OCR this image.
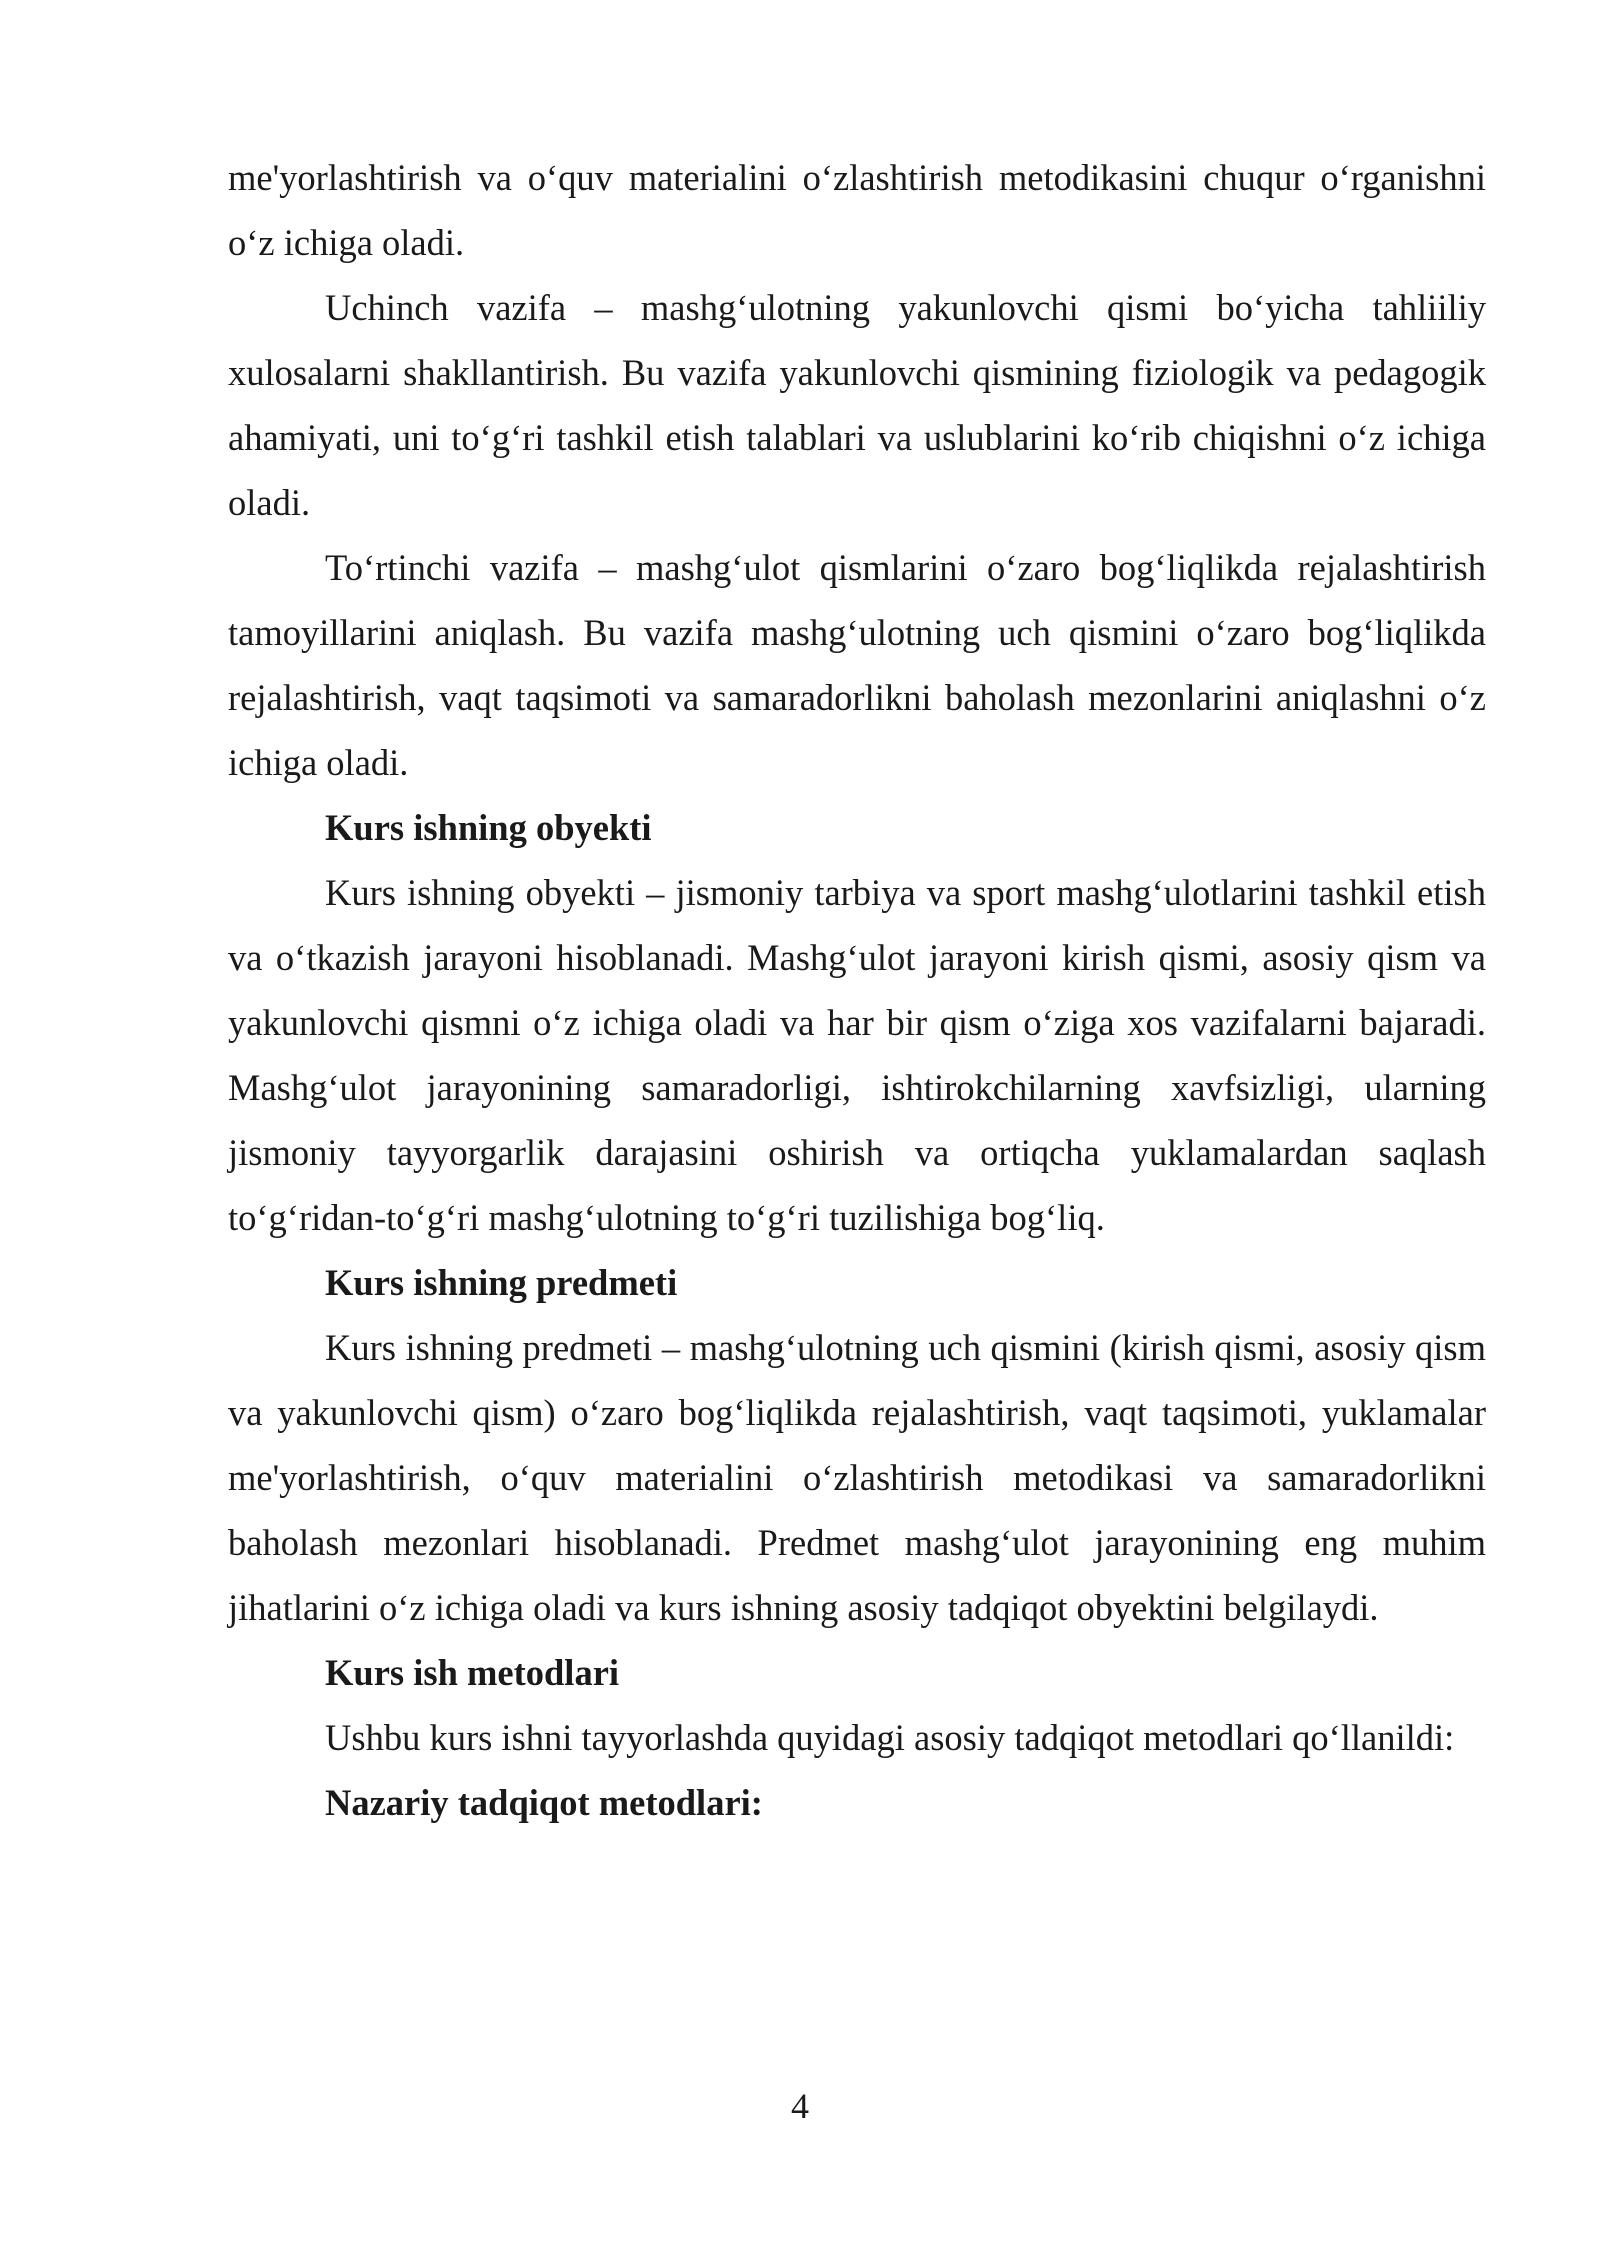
me'yorlashtirish va o‘quv materialini o‘zlashtirish metodikasini chuqur o‘rganishni o‘z ichiga oladi.

Uchinch vazifa – mashg‘ulotning yakunlovchi qismi bo‘yicha tahliiliy xulosalarni shakllantirish. Bu vazifa yakunlovchi qismining fiziologik va pedagogik ahamiyati, uni to‘g‘ri tashkil etish talablari va uslublarini ko‘rib chiqishni o‘z ichiga oladi.

To‘rtinchi vazifa – mashg‘ulot qismlarini o‘zaro bog‘liqlikda rejalashtirish tamoyillarini aniqlash. Bu vazifa mashg‘ulotning uch qismini o‘zaro bog‘liqlikda rejalashtirish, vaqt taqsimoti va samaradorlikni baholash mezonlarini aniqlashni o‘z ichiga oladi.

Kurs ishning obyekti

Kurs ishning obyekti – jismoniy tarbiya va sport mashg‘ulotlarini tashkil etish va o‘tkazish jarayoni hisoblanadi. Mashg‘ulot jarayoni kirish qismi, asosiy qism va yakunlovchi qismni o‘z ichiga oladi va har bir qism o‘ziga xos vazifalarni bajaradi. Mashg‘ulot jarayonining samaradorligi, ishtirokchilarning xavfsizligi, ularning jismoniy tayyorgarlik darajasini oshirish va ortiqcha yuklamalardan saqlash to‘g‘ridan-to‘g‘ri mashg‘ulotning to‘g‘ri tuzilishiga bog‘liq.

Kurs ishning predmeti

Kurs ishning predmeti – mashg‘ulotning uch qismini (kirish qismi, asosiy qism va yakunlovchi qism) o‘zaro bog‘liqlikda rejalashtirish, vaqt taqsimoti, yuklamalar me'yorlashtirish, o‘quv materialini o‘zlashtirish metodikasi va samaradorlikni baholash mezonlari hisoblanadi. Predmet mashg‘ulot jarayonining eng muhim jihatlarini o‘z ichiga oladi va kurs ishning asosiy tadqiqot obyektini belgilaydi.

Kurs ish metodlari

Ushbu kurs ishni tayyorlashda quyidagi asosiy tadqiqot metodlari qo‘llanildi:

Nazariy tadqiqot metodlari:

4
